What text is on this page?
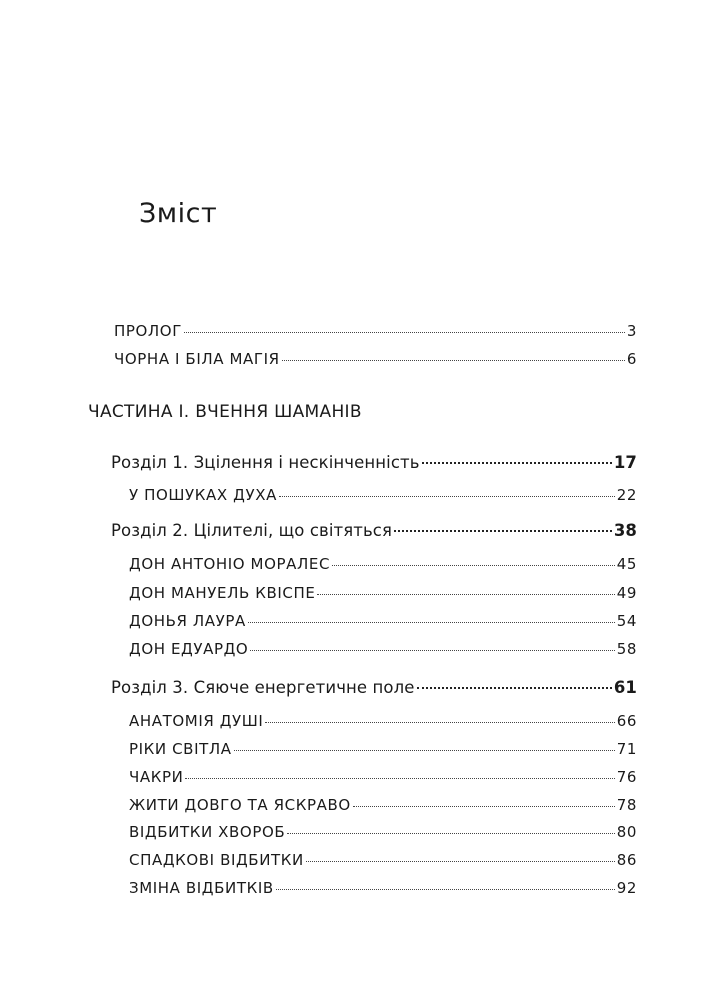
Зміст
ПРОЛОГ	3
ЧОРНА І БІЛА МАГІЯ	6
ЧАСТИНА І. ВЧЕННЯ ШАМАНІВ
Розділ 1. Зцілення і нескінченність	17
У ПОШУКАХ ДУХА	22
Розділ 2. Цілителі, що світяться	38
ДОН АНТОНІО МОРАЛЕС	45
ДОН МАНУЕЛЬ КВІСПЕ	49
ДОНЬЯ ЛАУРА	54
ДОН ЕДУАРДО	58
Розділ 3. Сяюче енергетичне поле	61
АНАТОМІЯ ДУШІ	66
РІКИ СВІТЛА	71
ЧАКРИ	76
ЖИТИ ДОВГО ТА ЯСКРАВО	78
ВІДБИТКИ ХВОРОБ	80
СПАДКОВІ ВІДБИТКИ	86
ЗМІНА ВІДБИТКІВ	92
